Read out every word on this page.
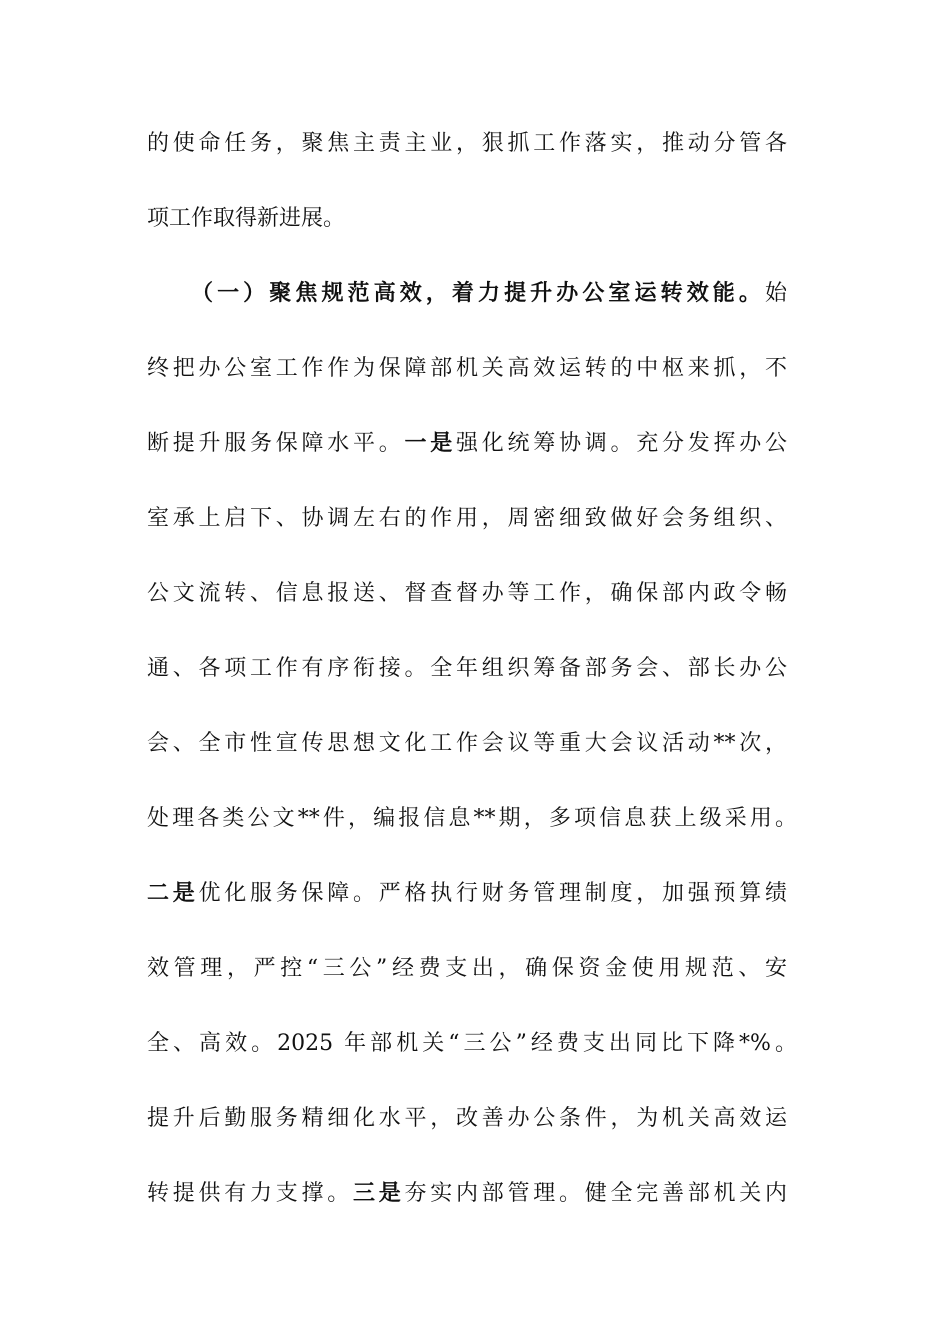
的使命任务，聚焦主责主业，狠抓工作落实，推动分管各
项工作取得新进展。
（一）聚焦规范高效，着力提升办公室运转效能。始
终把办公室工作作为保障部机关高效运转的中枢来抓，不
断提升服务保障水平。一是强化统筹协调。充分发挥办公
室承上启下、协调左右的作用，周密细致做好会务组织、
公文流转、信息报送、督查督办等工作，确保部内政令畅
通、各项工作有序衔接。全年组织筹备部务会、部长办公
会、全市性宣传思想文化工作会议等重大会议活动**次，
处理各类公文**件，编报信息**期，多项信息获上级采用。
二是优化服务保障。严格执行财务管理制度，加强预算绩
效管理，严控“三公”经费支出，确保资金使用规范、安
全、高效。2025 年部机关“三公”经费支出同比下降*%。
提升后勤服务精细化水平，改善办公条件，为机关高效运
转提供有力支撑。三是夯实内部管理。健全完善部机关内
